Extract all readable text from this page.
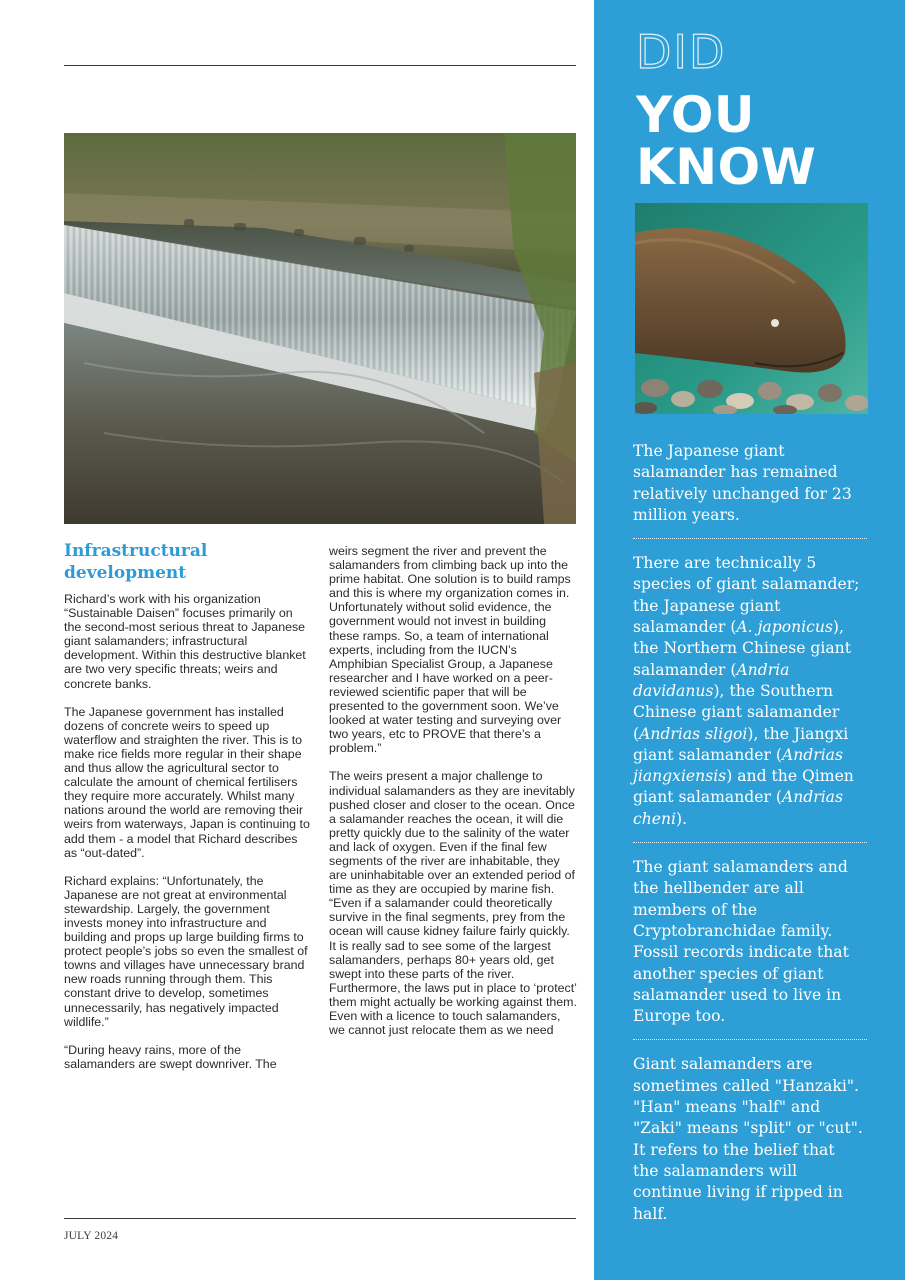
Infrastructural development

Richard’s work with his organization “Sustainable Daisen” focuses primarily on the second-most serious threat to Japanese giant salamanders; infrastructural development. Within this destructive blanket are two very specific threats; weirs and concrete banks.

The Japanese government has installed dozens of concrete weirs to speed up waterflow and straighten the river. This is to make rice fields more regular in their shape and thus allow the agricultural sector to calculate the amount of chemical fertilisers they require more accurately. Whilst many nations around the world are removing their weirs from waterways, Japan is continuing to add them - a model that Richard describes as “out-dated”.

Richard explains: “Unfortunately, the Japanese are not great at environmental stewardship. Largely, the government invests money into infrastructure and building and props up large building firms to protect people’s jobs so even the smallest of towns and villages have unnecessary brand new roads running through them. This constant drive to develop, sometimes unnecessarily, has negatively impacted wildlife.”

“During heavy rains, more of the salamanders are swept downriver. The

weirs segment the river and prevent the salamanders from climbing back up into the prime habitat. One solution is to build ramps and this is where my organization comes in. Unfortunately without solid evidence, the government would not invest in building these ramps. So, a team of international experts, including from the IUCN’s Amphibian Specialist Group, a Japanese researcher and I have worked on a peer-reviewed scientific paper that will be presented to the government soon. We’ve looked at water testing and surveying over two years, etc to PROVE that there’s a problem.”

The weirs present a major challenge to individual salamanders as they are inevitably pushed closer and closer to the ocean. Once a salamander reaches the ocean, it will die pretty quickly due to the salinity of the water and lack of oxygen. Even if the final few segments of the river are inhabitable, they are uninhabitable over an extended period of time as they are occupied by marine fish. “Even if a salamander could theoretically survive in the final segments, prey from the ocean will cause kidney failure fairly quickly. It is really sad to see some of the largest salamanders, perhaps 80+ years old, get swept into these parts of the river. Furthermore, the laws put in place to ‘protect’ them might actually be working against them. Even with a licence to touch salamanders, we cannot just relocate them as we need

JULY 2024
DID
YOU
KNOW
The Japanese giant salamander has remained relatively unchanged for 23 million years.
There are technically 5 species of giant salamander; the Japanese giant salamander (A. japonicus), the Northern Chinese giant salamander (Andria davidanus), the Southern Chinese giant salamander (Andrias sligoi), the Jiangxi giant salamander (Andrias jiangxiensis) and the Qimen giant salamander (Andrias cheni).
The giant salamanders and the hellbender are all members of the Cryptobranchidae family. Fossil records indicate that another species of giant salamander used to live in Europe too.
Giant salamanders are sometimes called "Hanzaki". "Han" means "half" and "Zaki" means "split" or "cut". It refers to the belief that the salamanders will continue living if ripped in half.
